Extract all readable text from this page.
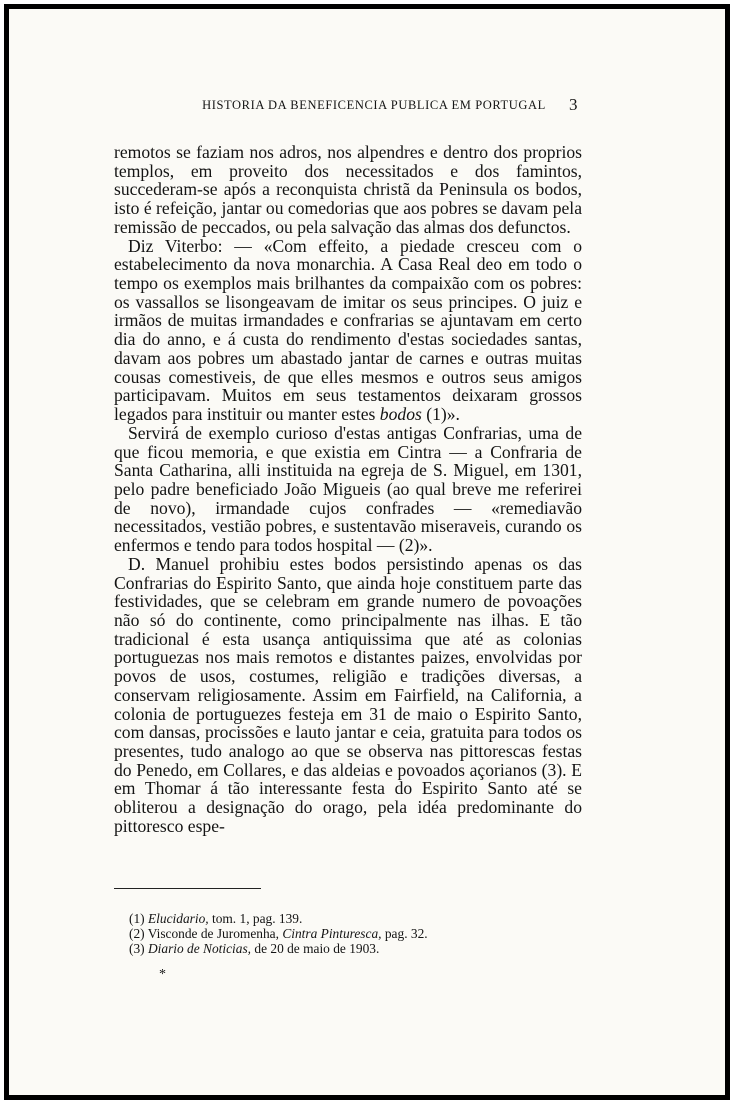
HISTORIA DA BENEFICENCIA PUBLICA EM PORTUGAL	3

remotos se faziam nos adros, nos alpendres e dentro dos proprios templos, em proveito dos necessitados e dos famintos, succederam-se após a reconquista christã da Peninsula os bodos, isto é refeição, jantar ou comedorias que aos pobres se davam pela remissão de peccados, ou pela salvação das almas dos defunctos.

Diz Viterbo: — «Com effeito, a piedade cresceu com o estabelecimento da nova monarchia. A Casa Real deo em todo o tempo os exemplos mais brilhantes da compaixão com os pobres: os vassallos se lisongeavam de imitar os seus principes. O juiz e irmãos de muitas irmandades e confrarias se ajuntavam em certo dia do anno, e á custa do rendimento d'estas sociedades santas, davam aos pobres um abastado jantar de carnes e outras muitas cousas comestiveis, de que elles mesmos e outros seus amigos participavam. Muitos em seus testamentos deixaram grossos legados para instituir ou manter estes bodos (1)».

Servirá de exemplo curioso d'estas antigas Confrarias, uma de que ficou memoria, e que existia em Cintra — a Confraria de Santa Catharina, alli instituida na egreja de S. Miguel, em 1301, pelo padre beneficiado João Migueis (ao qual breve me referirei de novo), irmandade cujos confrades — «remediavão necessitados, vestião pobres, e sustentavão miseraveis, curando os enfermos e tendo para todos hospital — (2)».

D. Manuel prohibiu estes bodos persistindo apenas os das Confrarias do Espirito Santo, que ainda hoje constituem parte das festividades, que se celebram em grande numero de povoações não só do continente, como principalmente nas ilhas. E tão tradicional é esta usança antiquissima que até as colonias portuguezas nos mais remotos e distantes paizes, envolvidas por povos de usos, costumes, religião e tradições diversas, a conservam religiosamente. Assim em Fairfield, na California, a colonia de portuguezes festeja em 31 de maio o Espirito Santo, com dansas, procissões e lauto jantar e ceia, gratuita para todos os presentes, tudo analogo ao que se observa nas pittorescas festas do Penedo, em Collares, e das aldeias e povoados açorianos (3). E em Thomar á tão interessante festa do Espirito Santo até se obliterou a designação do orago, pela idéa predominante do pittoresco espe-

(1) Elucidario, tom. 1, pag. 139.
(2) Visconde de Juromenha, Cintra Pinturesca, pag. 32.
(3) Diario de Noticias, de 20 de maio de 1903.
*
